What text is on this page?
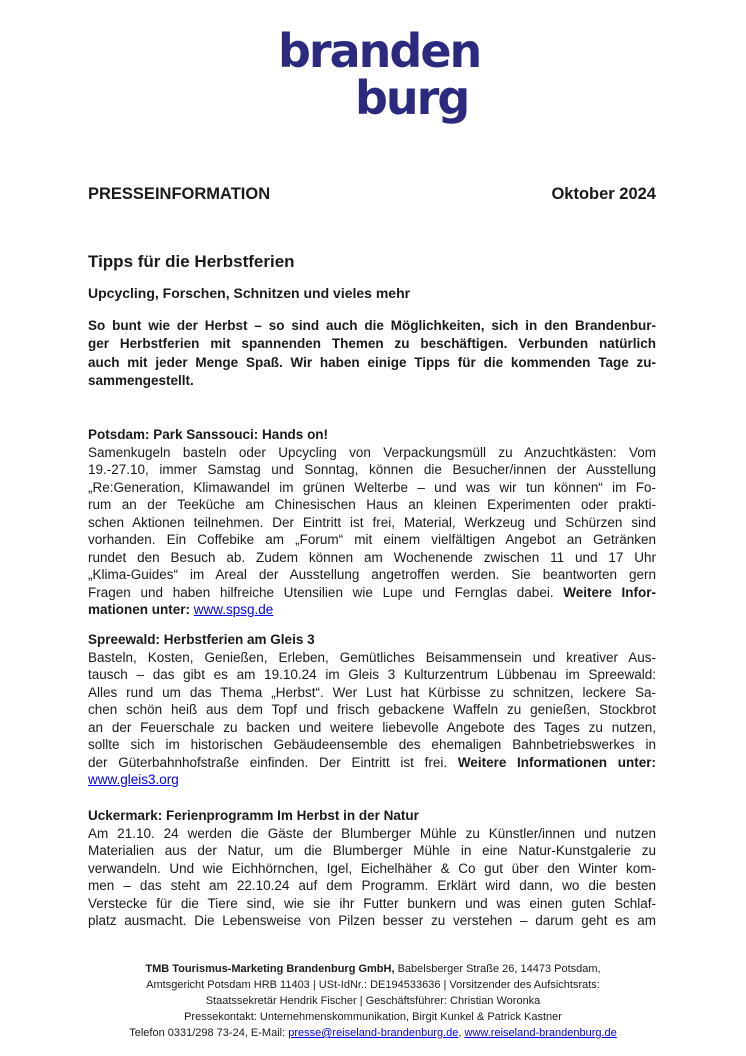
branden
burg
PRESSEINFORMATION	Oktober 2024
Tipps für die Herbstferien
Upcycling, Forschen, Schnitzen und vieles mehr
So bunt wie der Herbst – so sind auch die Möglichkeiten, sich in den Brandenbur-
ger Herbstferien mit spannenden Themen zu beschäftigen. Verbunden natürlich
auch mit jeder Menge Spaß. Wir haben einige Tipps für die kommenden Tage zu-
sammengestellt.
Potsdam: Park Sanssouci: Hands on!
Samenkugeln basteln oder Upcycling von Verpackungsmüll zu Anzuchtkästen: Vom
19.-27.10, immer Samstag und Sonntag, können die Besucher/innen der Ausstellung
„Re:Generation, Klimawandel im grünen Welterbe – und was wir tun können“ im Fo-
rum an der Teeküche am Chinesischen Haus an kleinen Experimenten oder prakti-
schen Aktionen teilnehmen. Der Eintritt ist frei, Material, Werkzeug und Schürzen sind
vorhanden. Ein Coffebike am „Forum“ mit einem vielfältigen Angebot an Getränken
rundet den Besuch ab. Zudem können am Wochenende zwischen 11 und 17 Uhr
„Klima-Guides“ im Areal der Ausstellung angetroffen werden. Sie beantworten gern
Fragen und haben hilfreiche Utensilien wie Lupe und Fernglas dabei. Weitere Infor-
mationen unter: www.spsg.de
Spreewald: Herbstferien am Gleis 3
Basteln, Kosten, Genießen, Erleben, Gemütliches Beisammensein und kreativer Aus-
tausch – das gibt es am 19.10.24 im Gleis 3 Kulturzentrum Lübbenau im Spreewald:
Alles rund um das Thema „Herbst“. Wer Lust hat Kürbisse zu schnitzen, leckere Sa-
chen schön heiß aus dem Topf und frisch gebackene Waffeln zu genießen, Stockbrot
an der Feuerschale zu backen und weitere liebevolle Angebote des Tages zu nutzen,
sollte sich im historischen Gebäudeensemble des ehemaligen Bahnbetriebswerkes in
der Güterbahnhofstraße einfinden. Der Eintritt ist frei. Weitere Informationen unter:
www.gleis3.org
Uckermark: Ferienprogramm Im Herbst in der Natur
Am 21.10. 24 werden die Gäste der Blumberger Mühle zu Künstler/innen und nutzen
Materialien aus der Natur, um die Blumberger Mühle in eine Natur-Kunstgalerie zu
verwandeln. Und wie Eichhörnchen, Igel, Eichelhäher & Co gut über den Winter kom-
men – das steht am 22.10.24 auf dem Programm. Erklärt wird dann, wo die besten
Verstecke für die Tiere sind, wie sie ihr Futter bunkern und was einen guten Schlaf-
platz ausmacht. Die Lebensweise von Pilzen besser zu verstehen – darum geht es am
TMB Tourismus-Marketing Brandenburg GmbH, Babelsberger Straße 26, 14473 Potsdam,
Amtsgericht Potsdam HRB 11403 | USt-IdNr.: DE194533636 | Vorsitzender des Aufsichtsrats:
Staatssekretär Hendrik Fischer | Geschäftsführer: Christian Woronka
Pressekontakt: Unternehmenskommunikation, Birgit Kunkel & Patrick Kastner
Telefon 0331/298 73-24, E-Mail: presse@reiseland-brandenburg.de, www.reiseland-brandenburg.de
